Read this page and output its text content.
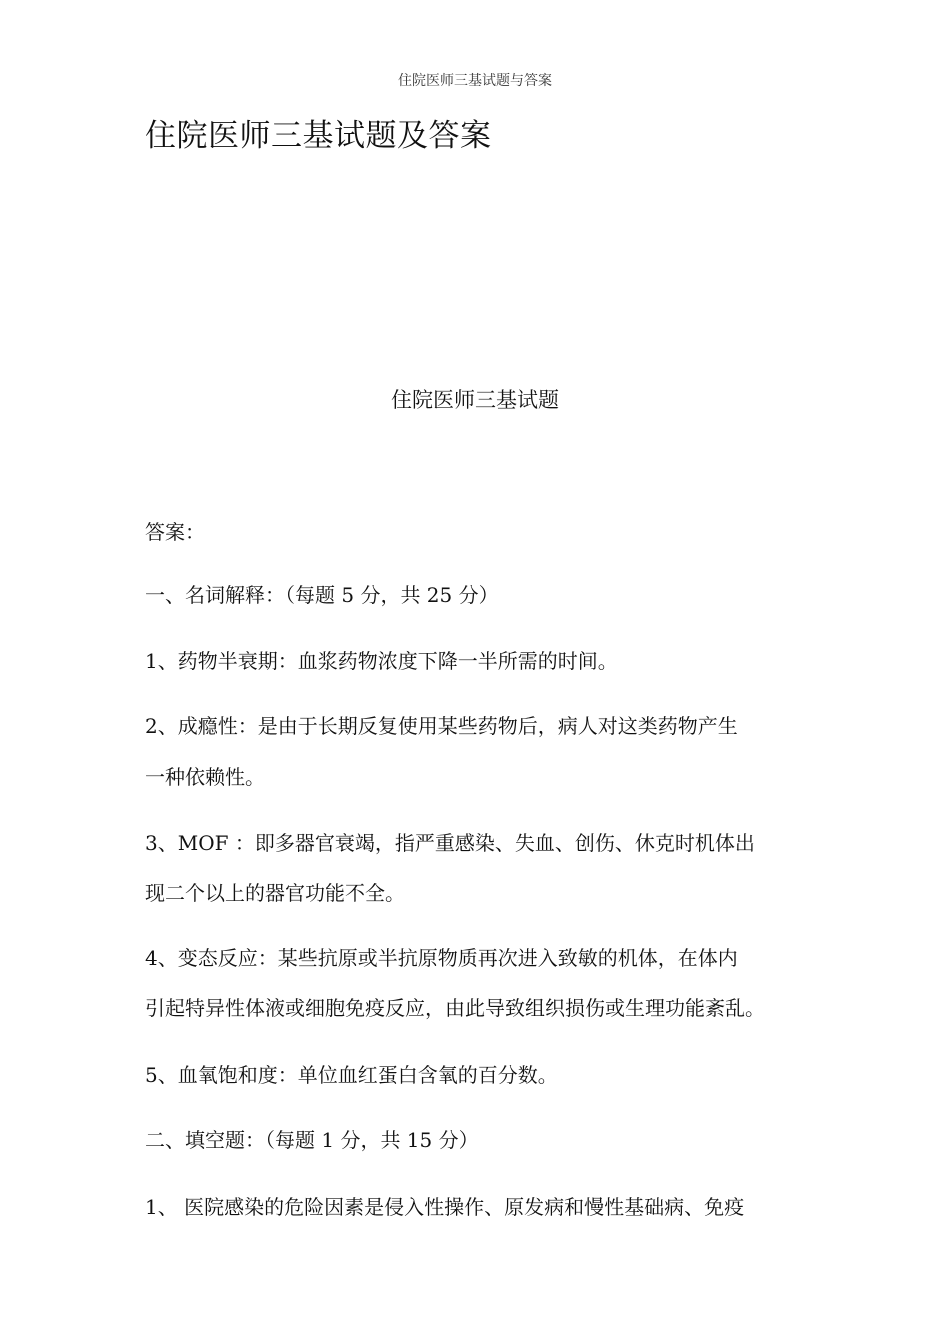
住院医师三基试题与答案
住院医师三基试题及答案
住院医师三基试题
答案：
一、名词解释：（每题 5 分，共 25 分）
1、药物半衰期：血浆药物浓度下降一半所需的时间。
2、成瘾性：是由于长期反复使用某些药物后，病人对这类药物产生
一种依赖性。
3、MOF ：即多器官衰竭，指严重感染、失血、创伤、休克时机体出
现二个以上的器官功能不全。
4、变态反应：某些抗原或半抗原物质再次进入致敏的机体，在体内
引起特异性体液或细胞免疫反应，由此导致组织损伤或生理功能紊乱。
5、血氧饱和度：单位血红蛋白含氧的百分数。
二、填空题：（每题 1 分，共 15 分）
1、 医院感染的危险因素是侵入性操作、原发病和慢性基础病、免疫
